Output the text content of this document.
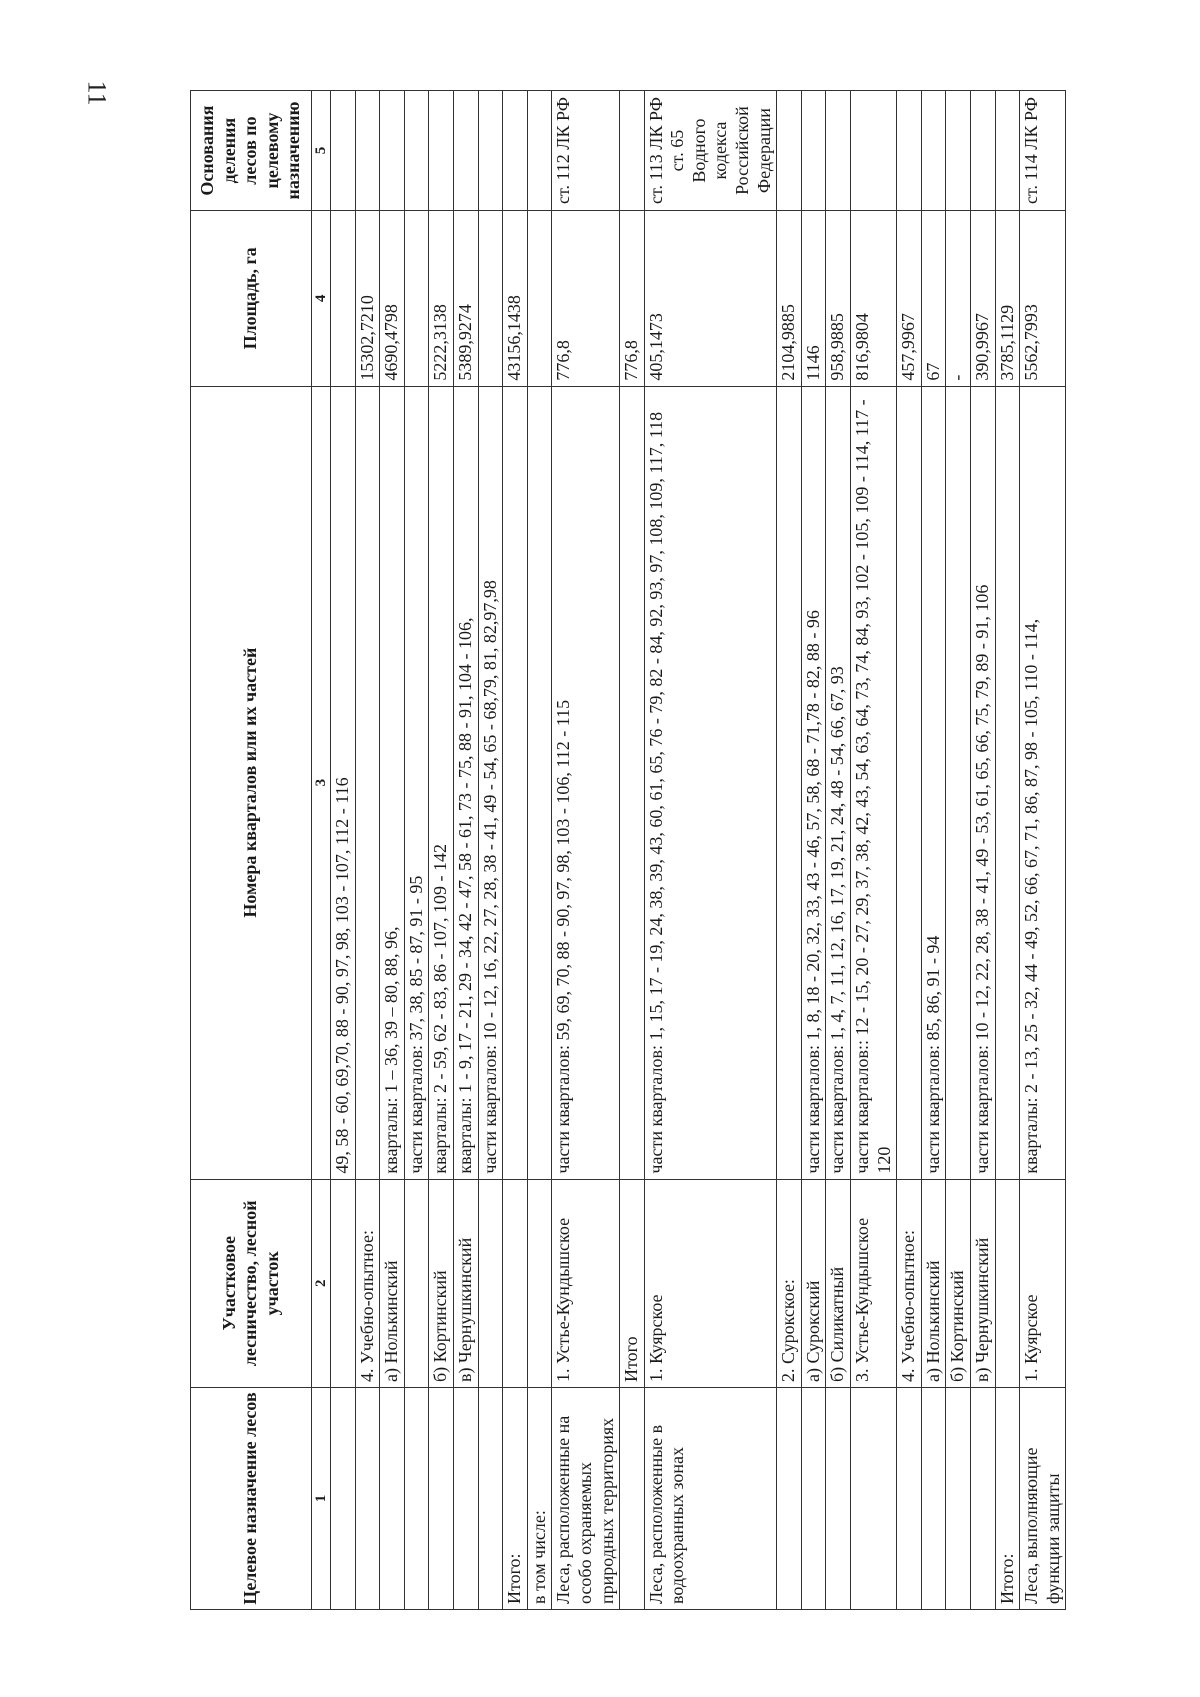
11
Целевое назначение лесов	Участковое лесничество, лесной участок	Номера кварталов или их частей	Площадь, га	Основания деления лесов по целевому назначению
1	2	3	4	5
		49, 58 - 60, 69,70, 88 - 90, 97, 98, 103 - 107, 112 - 116		
	4. Учебно-опытное:		15302,7210	
	а) Нолькинский	кварталы: 1 – 36, 39 – 80, 88, 96,	4690,4798	
		части кварталов: 37, 38, 85 - 87, 91 - 95		
	б) Кортинский	кварталы: 2 - 59, 62 - 83, 86 - 107, 109 - 142	5222,3138	
	в) Чернушкинский	кварталы: 1 - 9, 17 - 21, 29 - 34, 42 - 47, 58 - 61, 73 - 75, 88 - 91, 104 - 106,	5389,9274	
		части кварталов: 10 - 12, 16, 22, 27, 28, 38 - 41, 49 - 54, 65 - 68,79, 81, 82,97,98		
Итого:			43156,1438	
в том числе:				
Леса, расположенные на особо охраняемых природных территориях	1. Устье-Кундышское	части кварталов: 59, 69, 70, 88 - 90, 97, 98, 103 - 106, 112 - 115	776,8	ст. 112 ЛК РФ
	Итого		776,8	
Леса, расположенные в водоохранных зонах	1. Куярское	части кварталов: 1, 15, 17 - 19, 24, 38, 39, 43, 60, 61, 65, 76 - 79, 82 - 84, 92, 93, 97, 108, 109, 117, 118	405,1473	ст. 113 ЛК РФ ст. 65 Водного кодекса Российской Федерации
	2. Сурокское:		2104,9885	
	а) Сурокский	части кварталов: 1, 8, 18 - 20, 32, 33, 43 - 46, 57, 58, 68 - 71,78 - 82, 88 - 96	1146	
	б) Силикатный	части кварталов: 1, 4, 7, 11, 12, 16, 17, 19, 21, 24, 48 - 54, 66, 67, 93	958,9885	
	3. Устье-Кундышское	части кварталов:: 12 - 15, 20 - 27, 29, 37, 38, 42, 43, 54, 63, 64, 73, 74, 84, 93, 102 - 105, 109 - 114, 117 - 120	816,9804	
	4. Учебно-опытное:		457,9967	
	а) Нолькинский	части кварталов: 85, 86, 91 - 94	67	
	б) Кортинский		-	
	в) Чернушкинский	части кварталов: 10 - 12, 22, 28, 38 - 41, 49 - 53, 61, 65, 66, 75, 79, 89 - 91, 106	390,9967	
Итого:			3785,1129	
Леса, выполняющие функции защиты	1. Куярское	кварталы: 2 - 13, 25 - 32, 44 - 49, 52, 66, 67, 71, 86, 87, 98 - 105, 110 - 114,	5562,7993	ст. 114 ЛК РФ
